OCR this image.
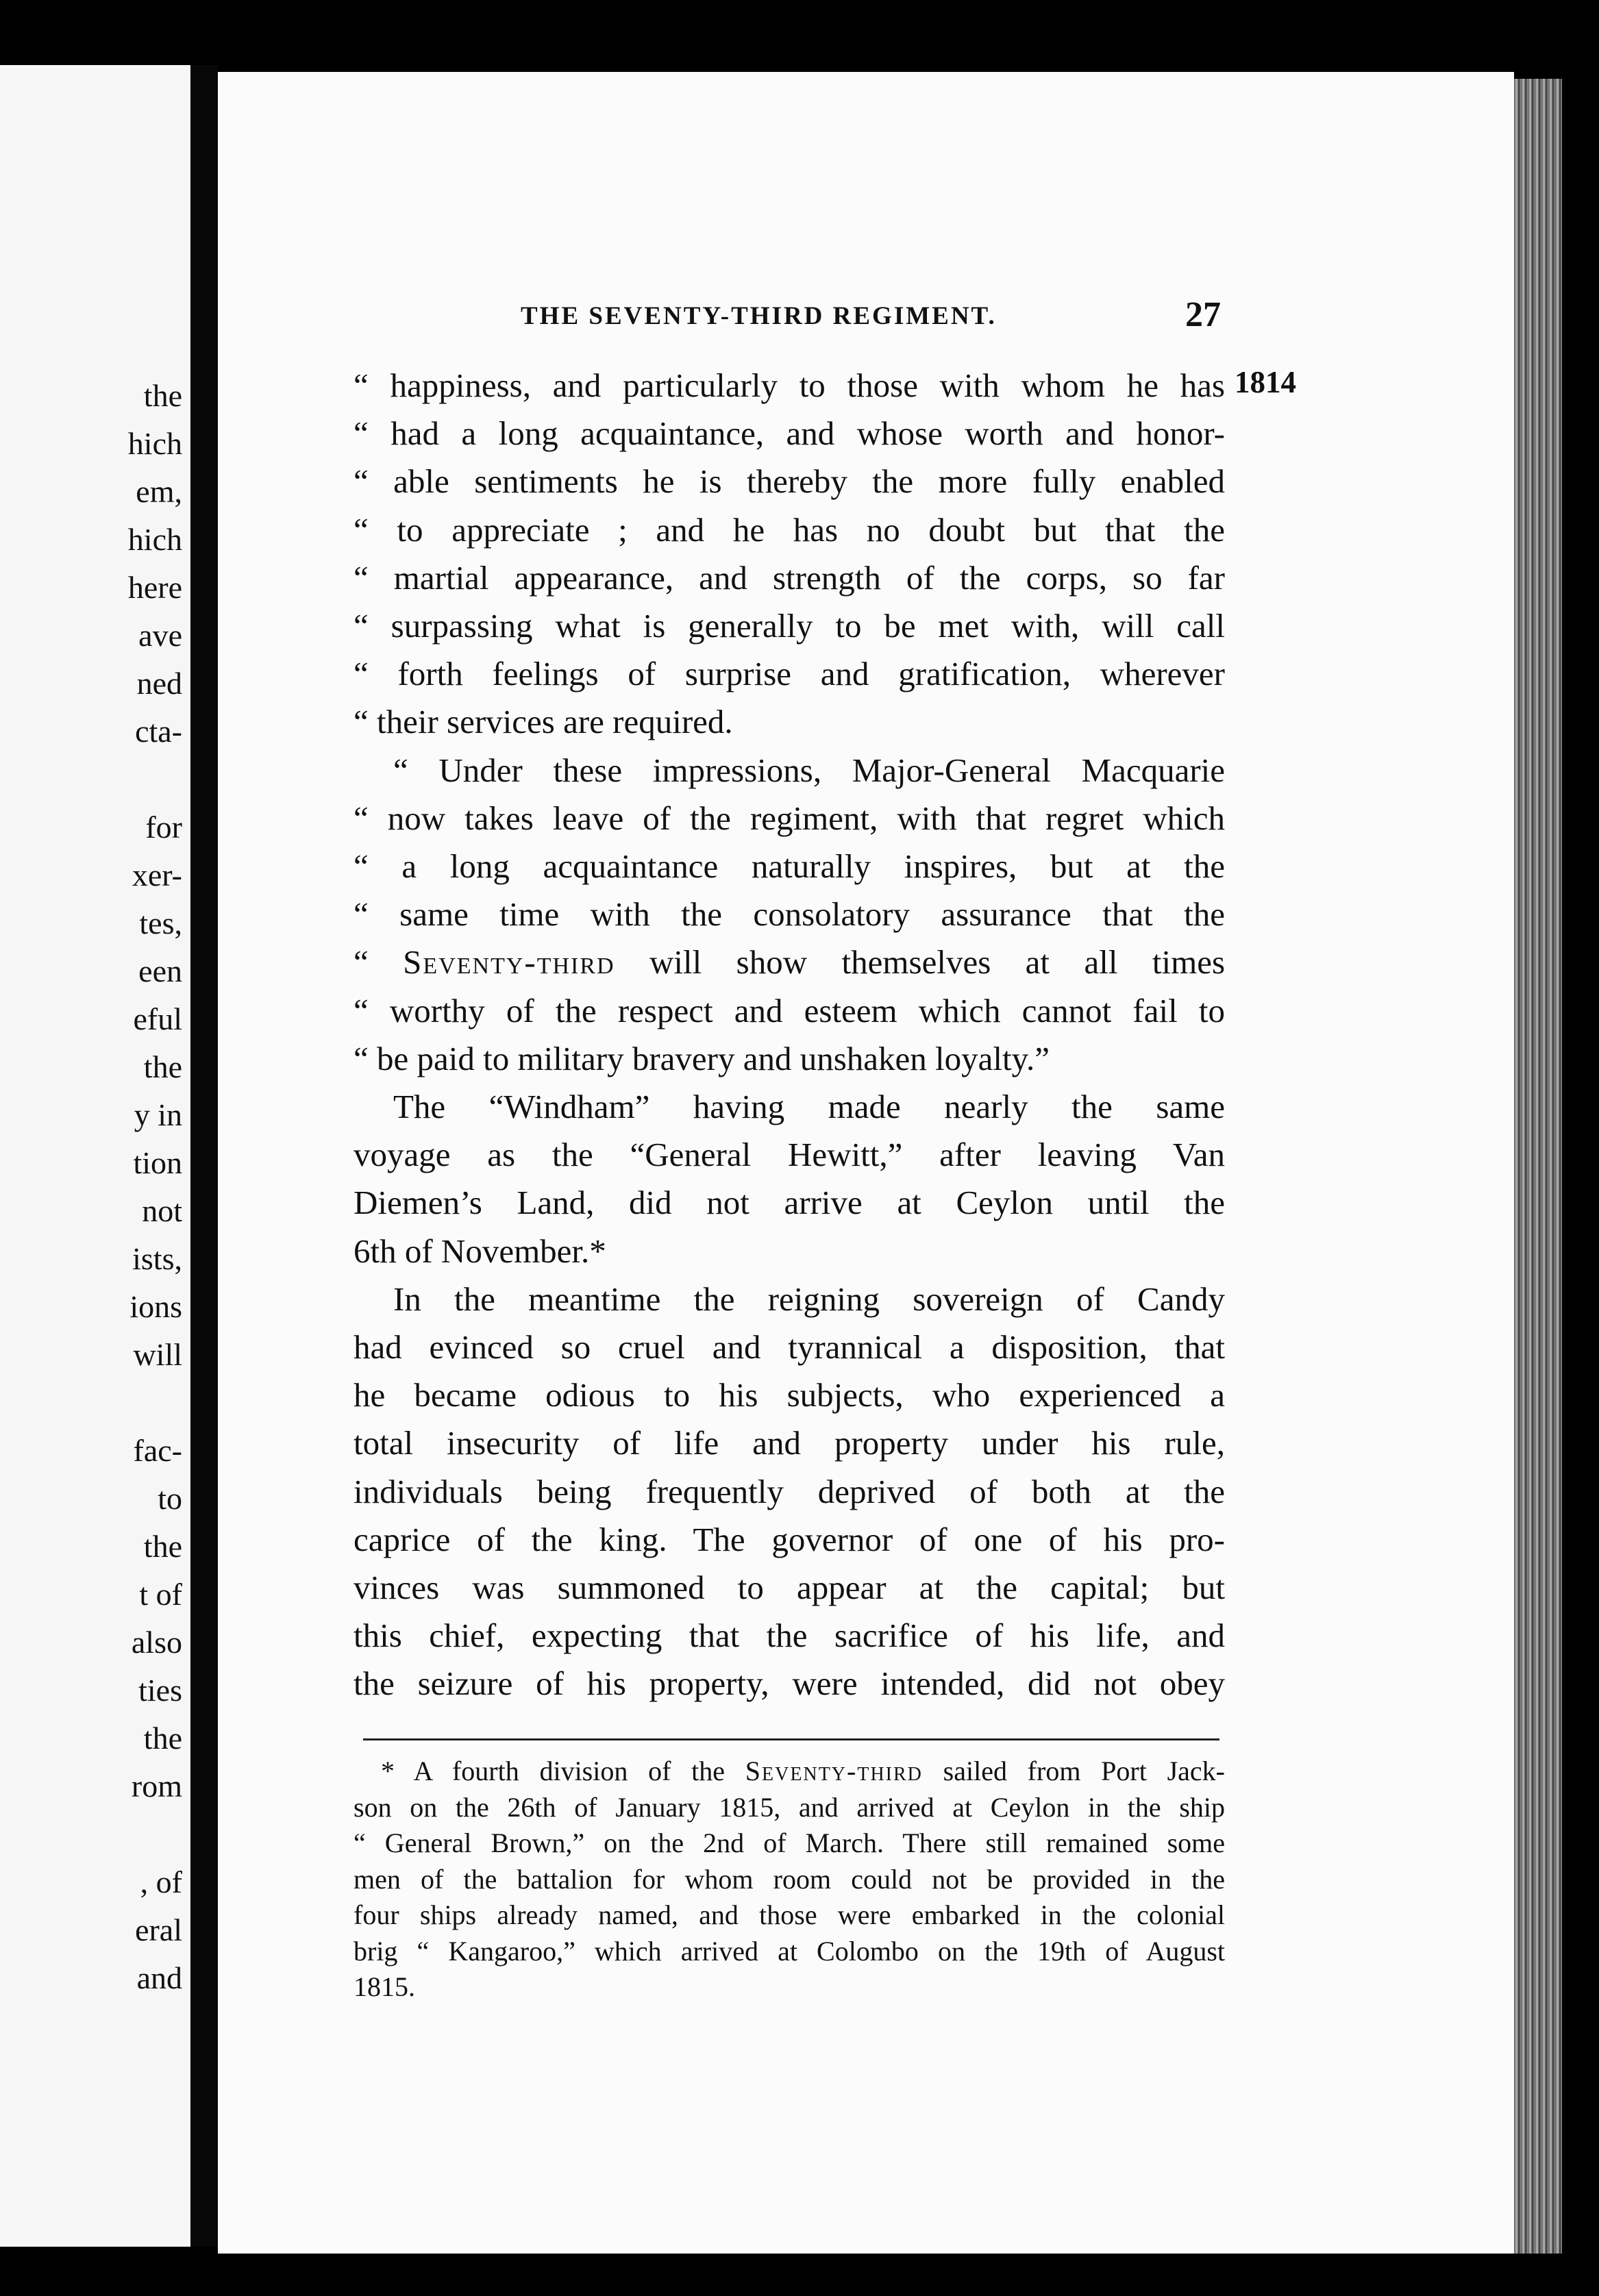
the
hich
em,
hich
here
ave
ned
cta-
for
xer-
tes,
een
eful
the
y in
tion
not
ists,
ions
will
fac-
to
the
t of
also
ties
the
rom
, of
eral
and
THE SEVENTY-THIRD REGIMENT.	27
1814
“ happiness, and particularly to those with whom he has
“ had a long acquaintance, and whose worth and honor-
“ able sentiments he is thereby the more fully enabled
“ to appreciate ; and he has no doubt but that the
“ martial appearance, and strength of the corps, so far
“ surpassing what is generally to be met with, will call
“ forth feelings of surprise and gratification, wherever
“ their services are required.
“ Under these impressions, Major-General Macquarie
“ now takes leave of the regiment, with that regret which
“ a long acquaintance naturally inspires, but at the
“ same time with the consolatory assurance that the
“ Seventy-third will show themselves at all times
“ worthy of the respect and esteem which cannot fail to
“ be paid to military bravery and unshaken loyalty.”
The “Windham” having made nearly the same
voyage as the “General Hewitt,” after leaving Van
Diemen’s Land, did not arrive at Ceylon until the
6th of November.*
In the meantime the reigning sovereign of Candy
had evinced so cruel and tyrannical a disposition, that
he became odious to his subjects, who experienced a
total insecurity of life and property under his rule,
individuals being frequently deprived of both at the
caprice of the king. The governor of one of his pro-
vinces was summoned to appear at the capital; but
this chief, expecting that the sacrifice of his life, and
the seizure of his property, were intended, did not obey
* A fourth division of the Seventy-third sailed from Port Jack-
son on the 26th of January 1815, and arrived at Ceylon in the ship
“ General Brown,” on the 2nd of March. There still remained some
men of the battalion for whom room could not be provided in the
four ships already named, and those were embarked in the colonial
brig “ Kangaroo,” which arrived at Colombo on the 19th of August
1815.
